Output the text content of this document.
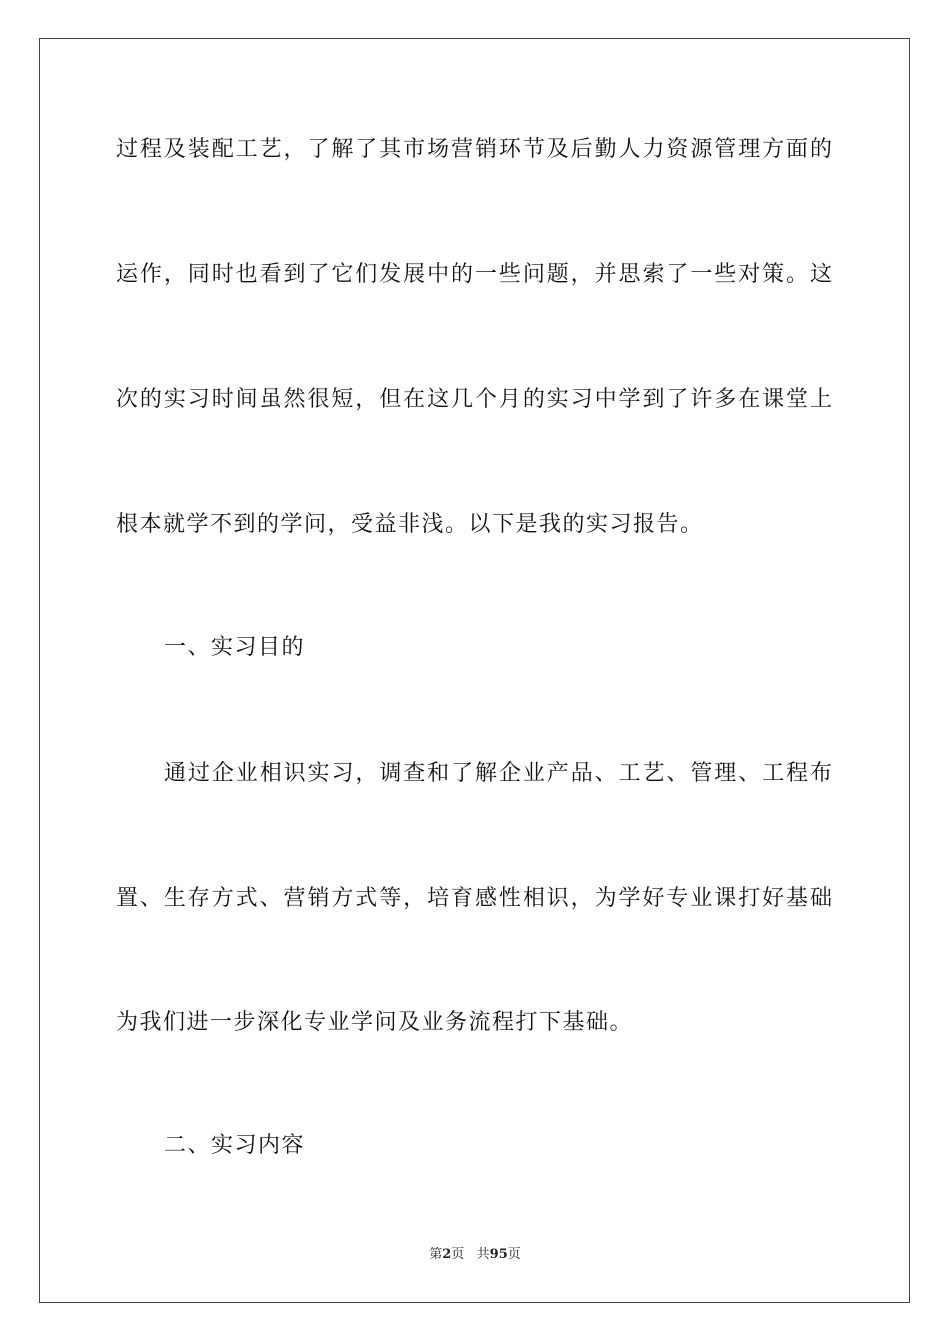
过程及装配工艺，了解了其市场营销环节及后勤人力资源管理方面的
运作，同时也看到了它们发展中的一些问题，并思索了一些对策。这
次的实习时间虽然很短，但在这几个月的实习中学到了许多在课堂上
根本就学不到的学问，受益非浅。以下是我的实习报告。
一、实习目的
通过企业相识实习，调查和了解企业产品、工艺、管理、工程布
置、生存方式、营销方式等，培育感性相识，为学好专业课打好基础
为我们进一步深化专业学问及业务流程打下基础。
二、实习内容
第2页   共95页
